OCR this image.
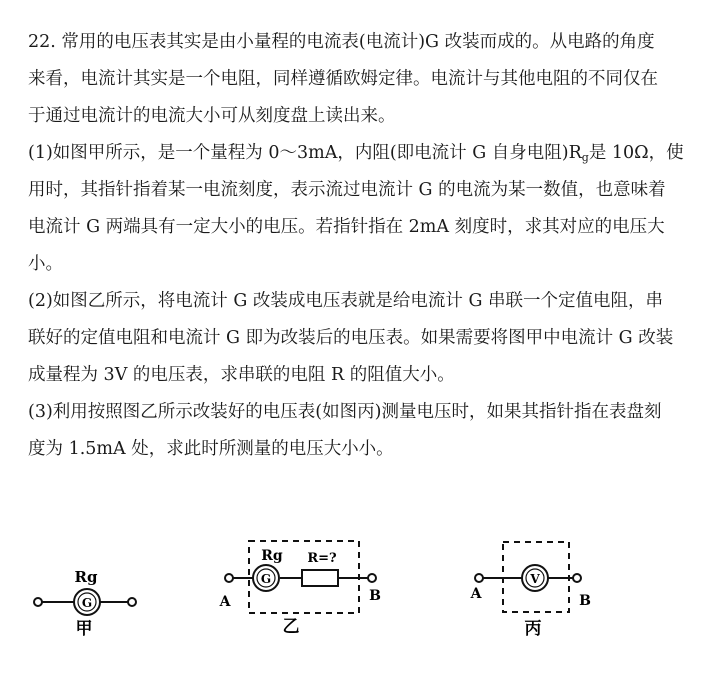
22. 常用的电压表其实是由小量程的电流表(电流计)G 改装而成的。从电路的角度
来看，电流计其实是一个电阻，同样遵循欧姆定律。电流计与其他电阻的不同仅在
于通过电流计的电流大小可从刻度盘上读出来。
(1)如图甲所示，是一个量程为 0～3mA，内阻(即电流计 G 自身电阻)$R_g$是 10Ω，使
用时，其指针指着某一电流刻度，表示流过电流计 G 的电流为某一数值，也意味着
电流计 G 两端具有一定大小的电压。若指针指在 2mA 刻度时，求其对应的电压大
小。
(2)如图乙所示，将电流计 G 改装成电压表就是给电流计 G 串联一个定值电阻，串
联好的定值电阻和电流计 G 即为改装后的电压表。如果需要将图甲中电流计 G 改装
成量程为 3V 的电压表，求串联的电阻 R 的阻值大小。
(3)利用按照图乙所示改装好的电压表(如图丙)测量电压时，如果其指针指在表盘刻
度为 1.5mA 处，求此时所测量的电压大小小。
G
Rg
甲
G
Rg R=?
A	B
乙
V
A	B
丙
